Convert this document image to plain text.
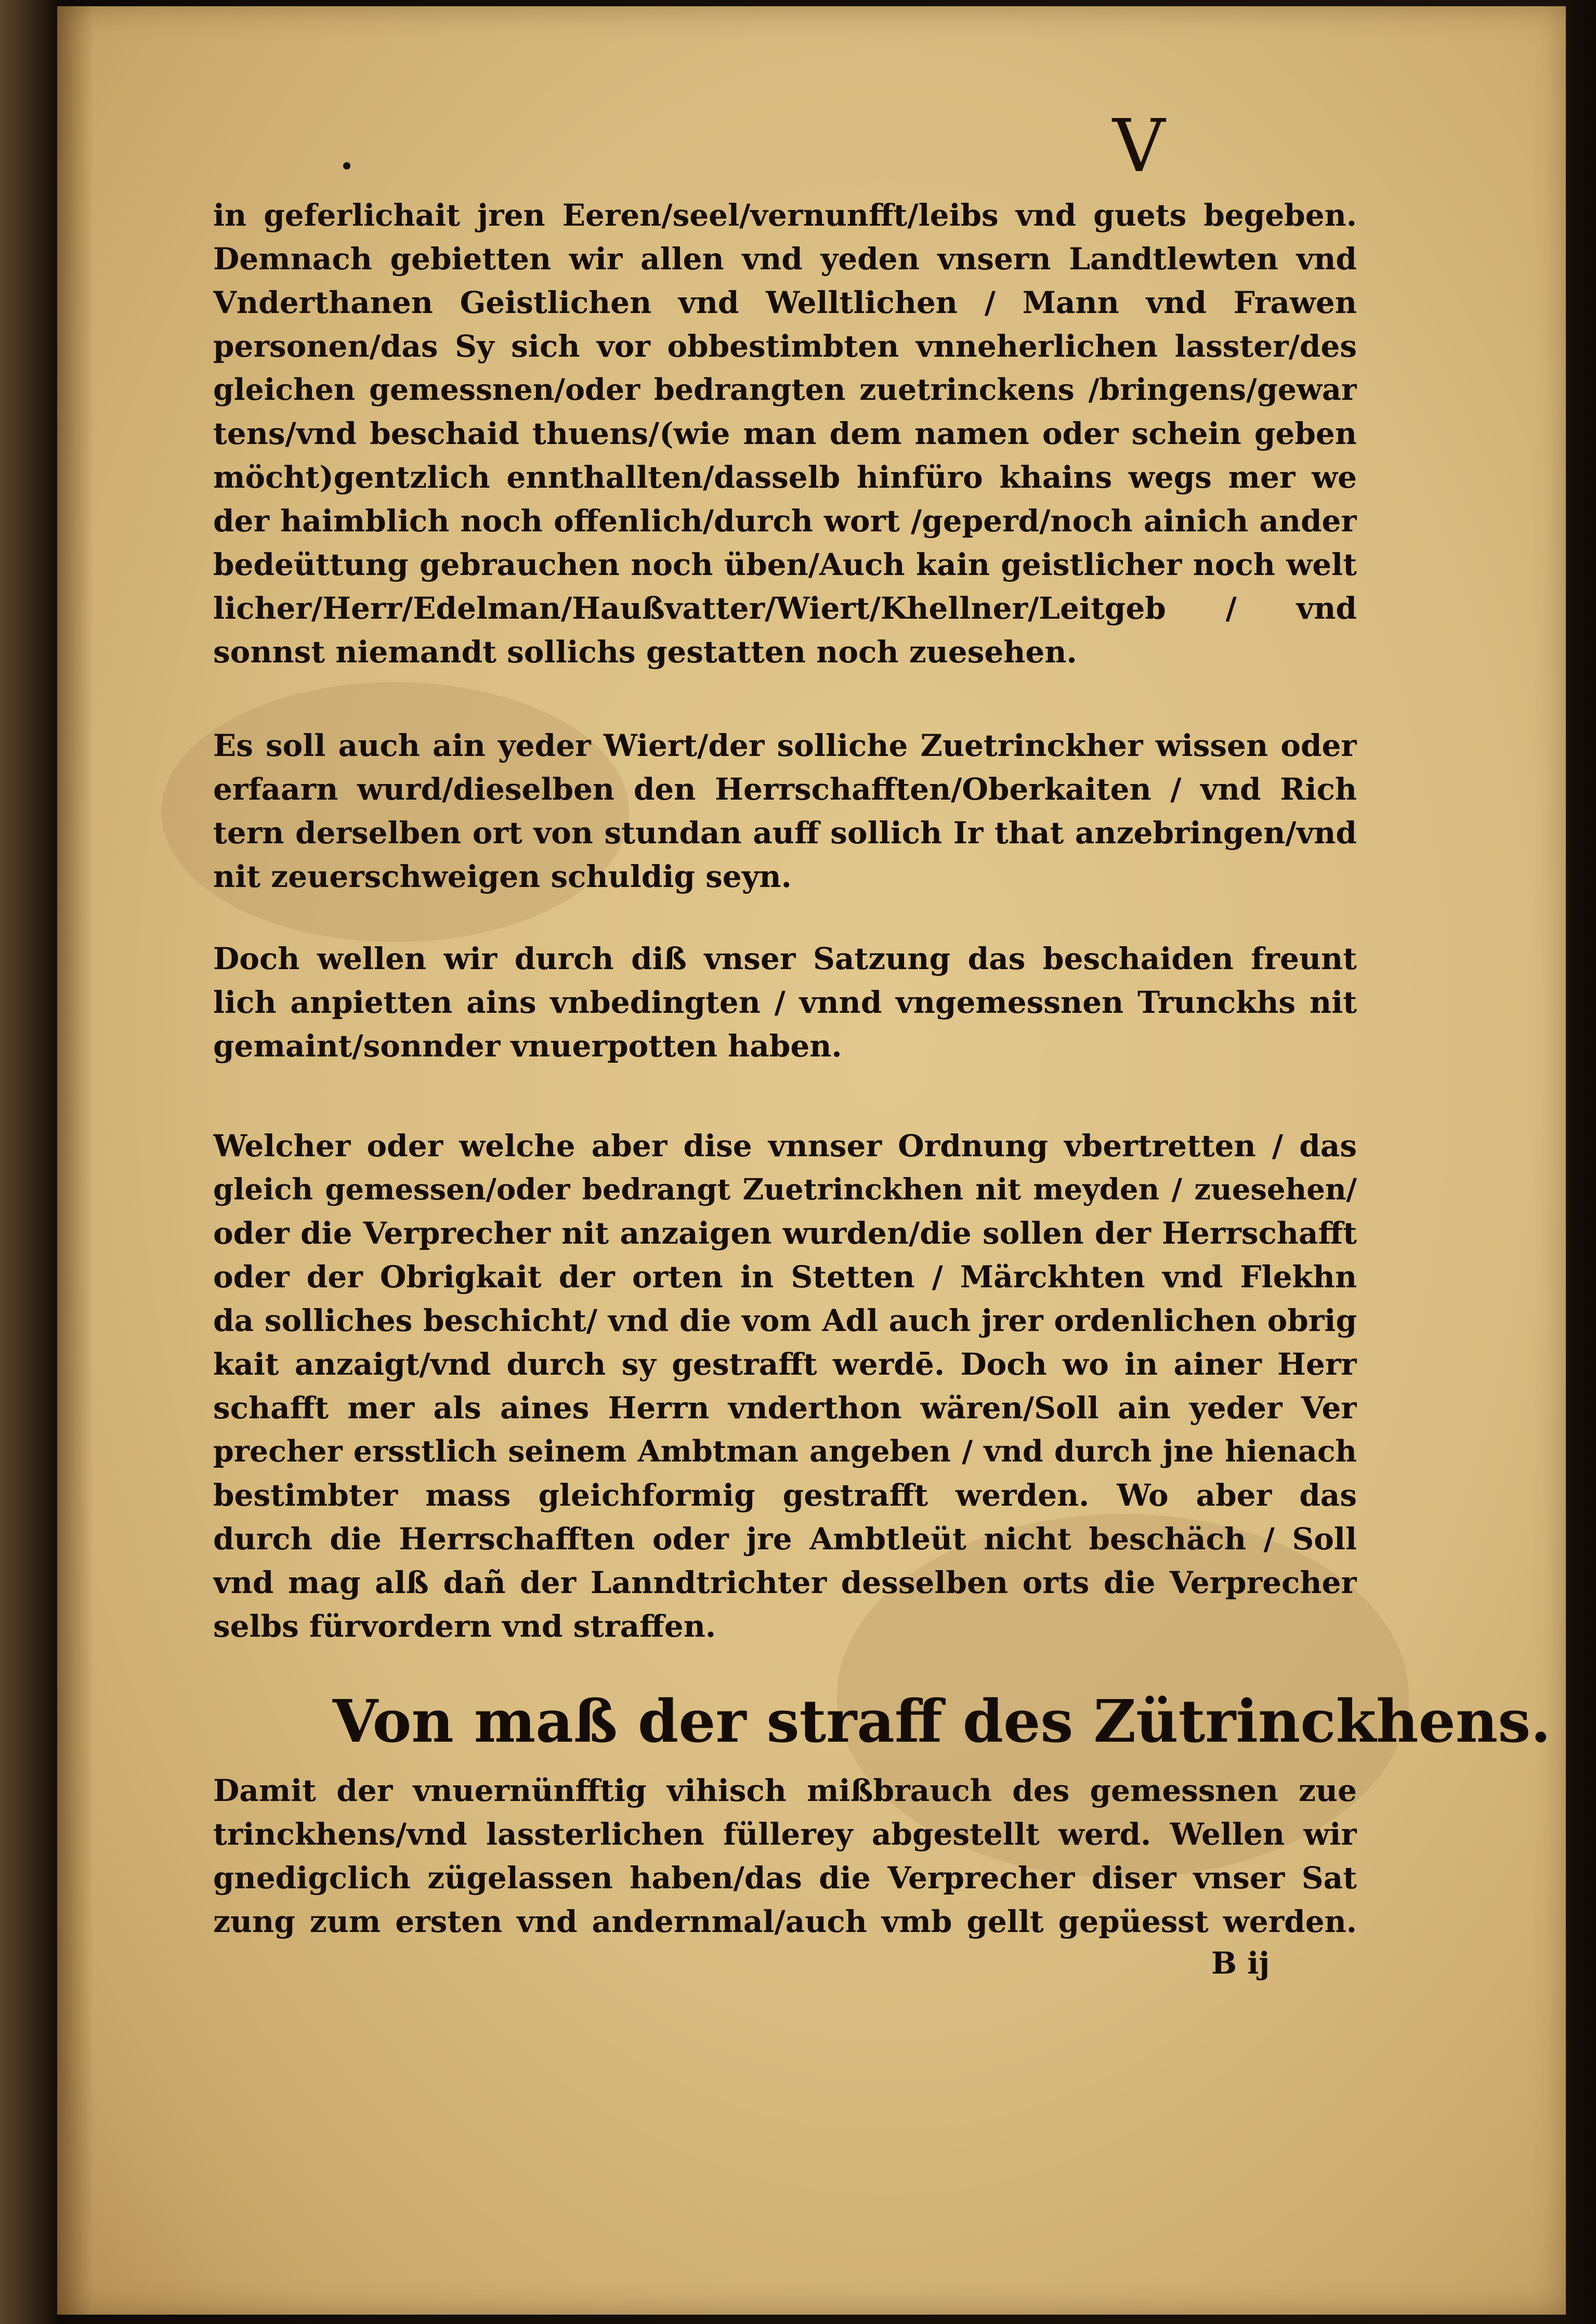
V
in geferlichait jren Eeren/seel/vernunfft/leibs vnd guets begeben.
Demnach gebietten wir allen vnd yeden vnsern Landtlewten vnd
Vnderthanen Geistlichen vnd Welltlichen / Mann vnd Frawen
personen/das Sy sich vor obbestimbten vnneherlichen lasster/des
gleichen gemessnen/oder bedrangten zuetrinckens /bringens/gewar
tens/vnd beschaid thuens/(wie man dem namen oder schein geben
möcht)gentzlich ennthallten/dasselb hinfüro khains wegs mer we
der haimblich noch offenlich/durch wort /geperd/noch ainich ander
bedeüttung gebrauchen noch üben/Auch kain geistlicher noch welt
licher/Herr/Edelman/Haußvatter/Wiert/Khellner/Leitgeb / vnd
sonnst niemandt sollichs gestatten noch zuesehen.
Es soll auch ain yeder Wiert/der solliche Zuetrinckher wissen oder
erfaarn wurd/dieselben den Herrschafften/Oberkaiten / vnd Rich
tern derselben ort von stundan auff sollich Ir that anzebringen/vnd
nit zeuerschweigen schuldig seyn.
Doch wellen wir durch diß vnser Satzung das beschaiden freunt
lich anpietten ains vnbedingten / vnnd vngemessnen Trunckhs nit
gemaint/sonnder vnuerpotten haben.
Welcher oder welche aber dise vnnser Ordnung vbertretten / das
gleich gemessen/oder bedrangt Zuetrinckhen nit meyden / zuesehen/
oder die Verprecher nit anzaigen wurden/die sollen der Herrschafft
oder der Obrigkait der orten in Stetten / Märckhten vnd Flekhn
da solliches beschicht/ vnd die vom Adl auch jrer ordenlichen obrig
kait anzaigt/vnd durch sy gestrafft werdē. Doch wo in ainer Herr
schafft mer als aines Herrn vnderthon wären/Soll ain yeder Ver
precher ersstlich seinem Ambtman angeben / vnd durch jne hienach
bestimbter mass gleichformig gestrafft werden. Wo aber das
durch die Herrschafften oder jre Ambtleüt nicht beschäch / Soll
vnd mag alß dañ der Lanndtrichter desselben orts die Verprecher
selbs fürvordern vnd straffen.
Von maß der straff des Zütrinckhens.
Damit der vnuernünfftig vihisch mißbrauch des gemessnen zue
trinckhens/vnd lassterlichen füllerey abgestellt werd. Wellen wir
gnedigclich zügelassen haben/das die Verprecher diser vnser Sat
zung zum ersten vnd andernmal/auch vmb gellt gepüesst werden.
B ij
